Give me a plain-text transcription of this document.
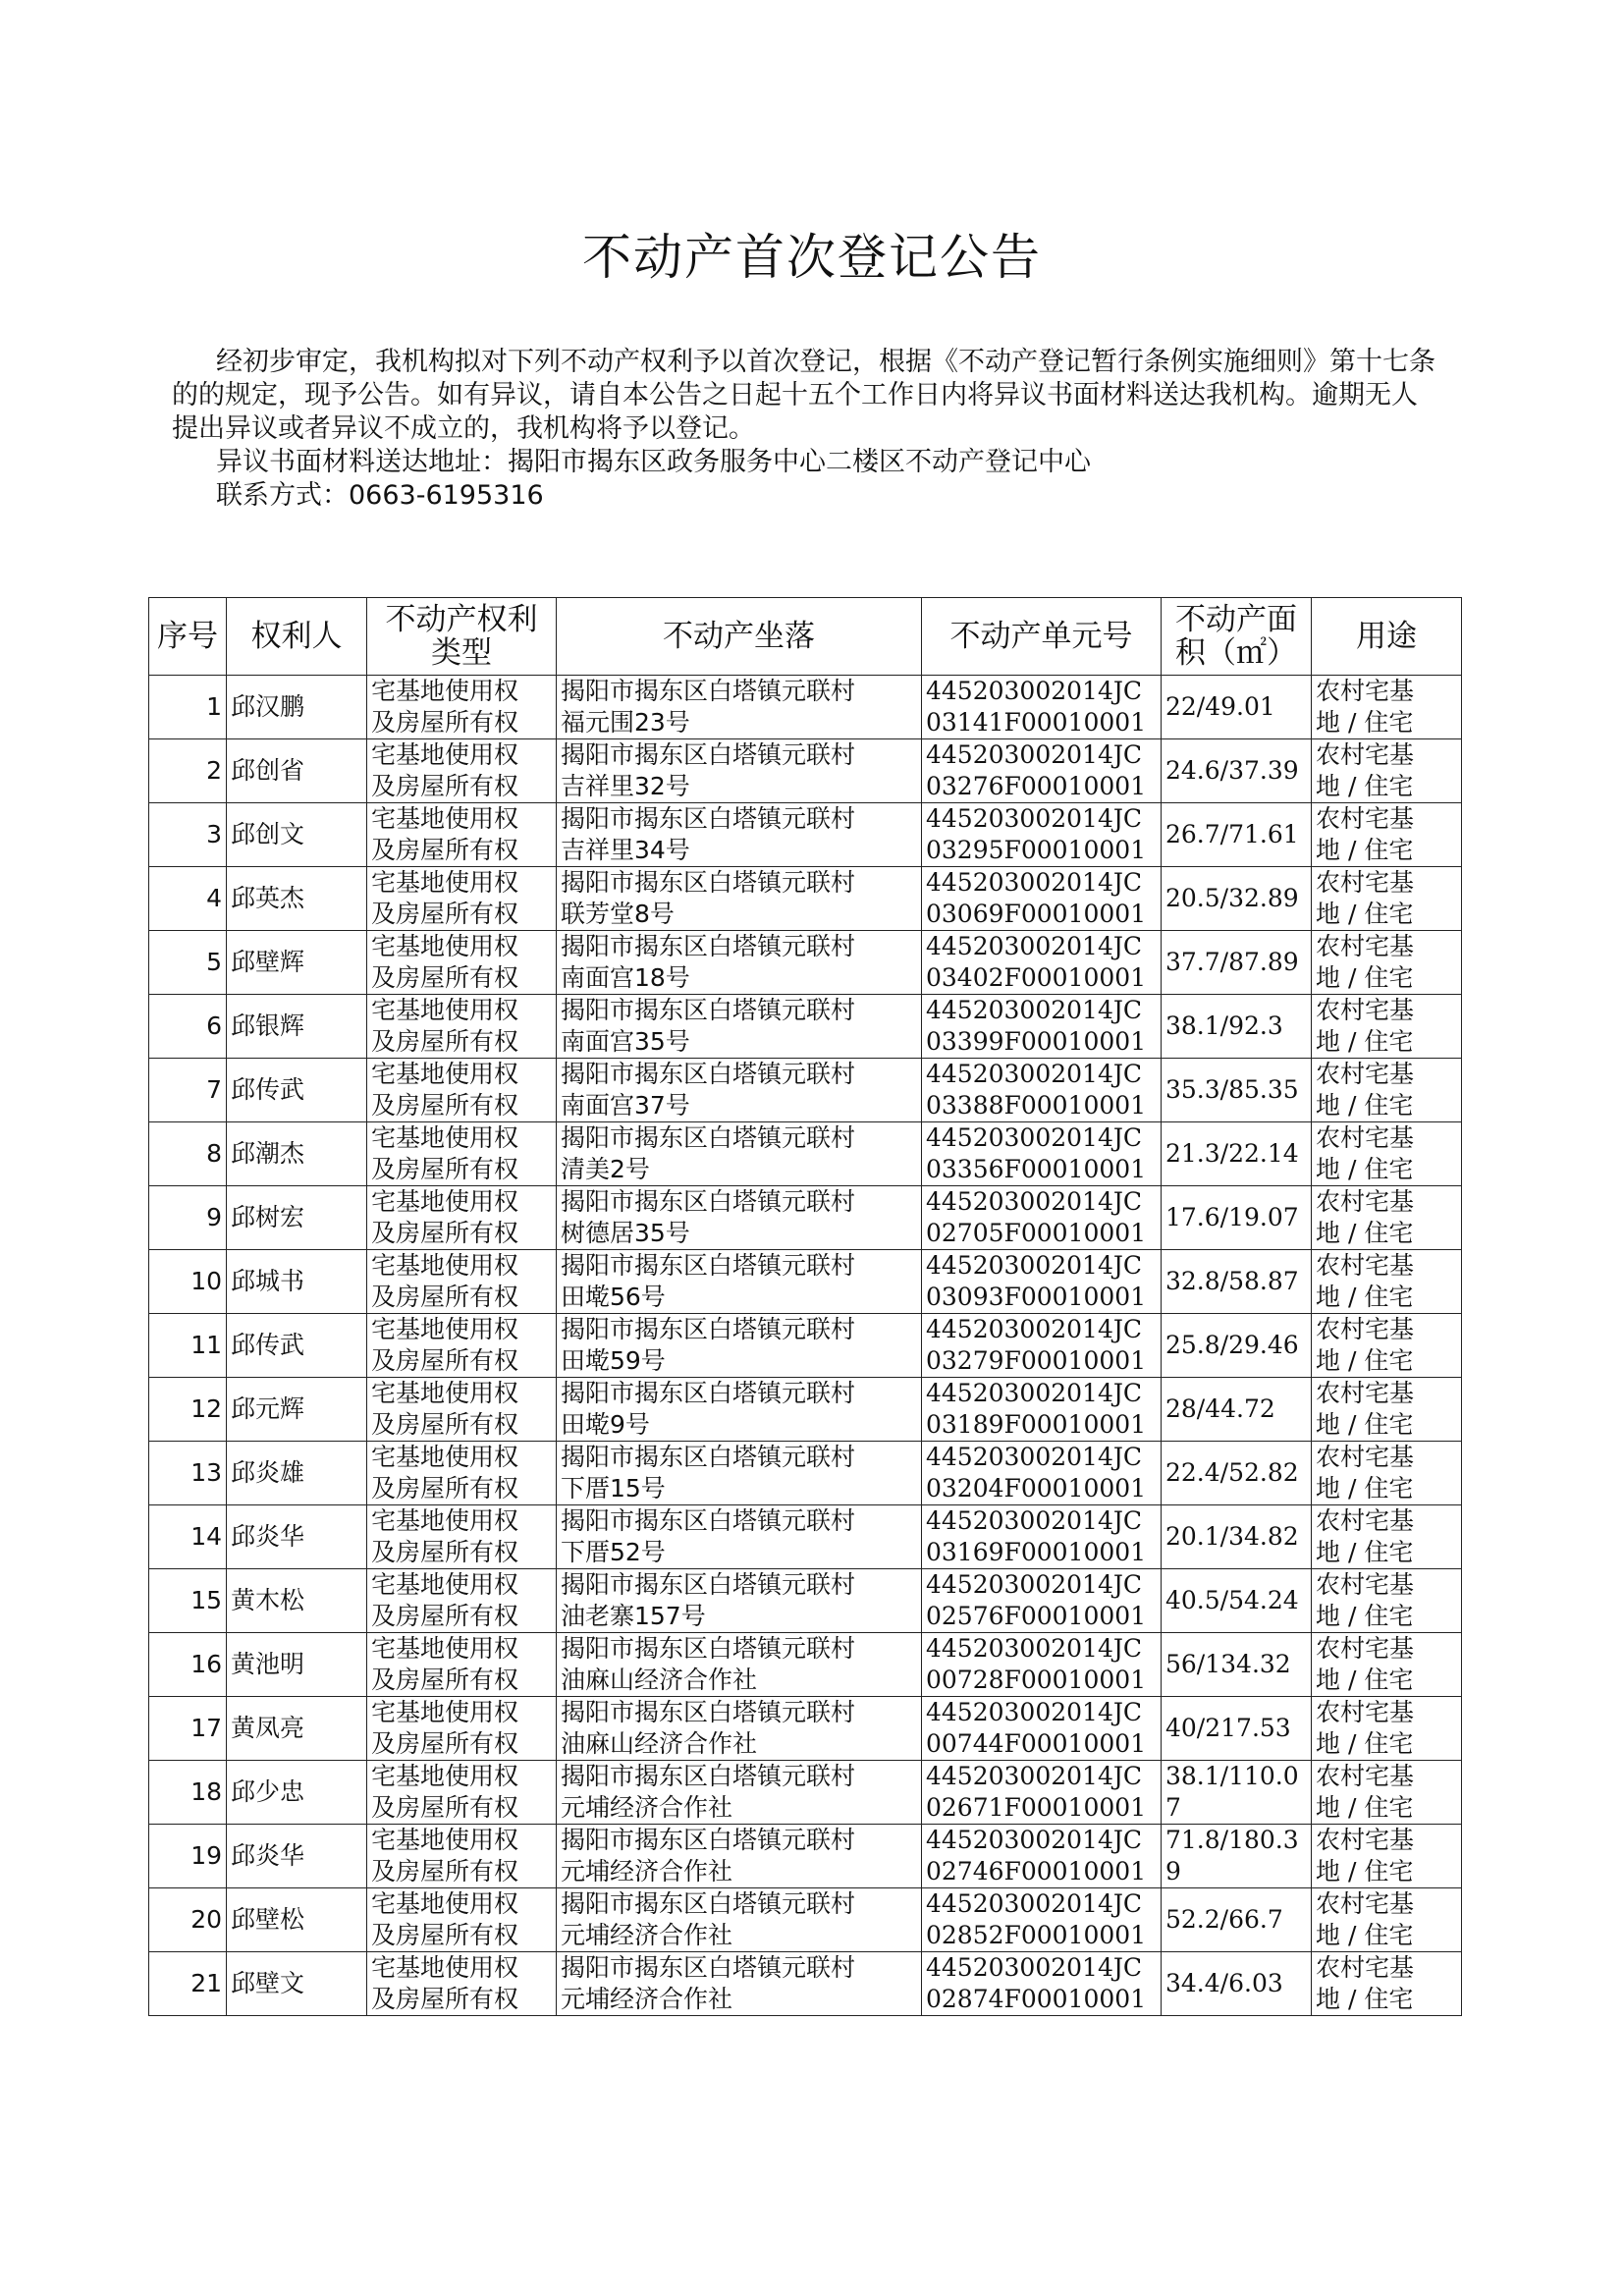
不动产首次登记公告

经初步审定，我机构拟对下列不动产权利予以首次登记，根据《不动产登记暂行条例实施细则》第十七条的的规定，现予公告。如有异议，请自本公告之日起十五个工作日内将异议书面材料送达我机构。逾期无人提出异议或者异议不成立的，我机构将予以登记。

异议书面材料送达地址：揭阳市揭东区政务服务中心二楼区不动产登记中心

联系方式：0663-6195316

序号	权利人	不动产权利类型	不动产坐落	不动产单元号	不动产面积（㎡）	用途
1	邱汉鹏	宅基地使用权
及房屋所有权	揭阳市揭东区白塔镇元联村
福元围23号	445203002014JC03141F00010001	22/49.01	农村宅基
地 / 住宅

2	邱创省	宅基地使用权
及房屋所有权	揭阳市揭东区白塔镇元联村
吉祥里32号	445203002014JC03276F00010001	24.6/37.39	农村宅基
地 / 住宅

3	邱创文	宅基地使用权
及房屋所有权	揭阳市揭东区白塔镇元联村
吉祥里34号	445203002014JC03295F00010001	26.7/71.61	农村宅基
地 / 住宅

4	邱英杰	宅基地使用权
及房屋所有权	揭阳市揭东区白塔镇元联村
联芳堂8号	445203002014JC03069F00010001	20.5/32.89	农村宅基
地 / 住宅

5	邱壁辉	宅基地使用权
及房屋所有权	揭阳市揭东区白塔镇元联村
南面宫18号	445203002014JC03402F00010001	37.7/87.89	农村宅基
地 / 住宅

6	邱银辉	宅基地使用权
及房屋所有权	揭阳市揭东区白塔镇元联村
南面宫35号	445203002014JC03399F00010001	38.1/92.3	农村宅基
地 / 住宅

7	邱传武	宅基地使用权
及房屋所有权	揭阳市揭东区白塔镇元联村
南面宫37号	445203002014JC03388F00010001	35.3/85.35	农村宅基
地 / 住宅

8	邱潮杰	宅基地使用权
及房屋所有权	揭阳市揭东区白塔镇元联村
清美2号	445203002014JC03356F00010001	21.3/22.14	农村宅基
地 / 住宅

9	邱树宏	宅基地使用权
及房屋所有权	揭阳市揭东区白塔镇元联村
树德居35号	445203002014JC02705F00010001	17.6/19.07	农村宅基
地 / 住宅

10	邱城书	宅基地使用权
及房屋所有权	揭阳市揭东区白塔镇元联村
田墘56号	445203002014JC03093F00010001	32.8/58.87	农村宅基
地 / 住宅

11	邱传武	宅基地使用权
及房屋所有权	揭阳市揭东区白塔镇元联村
田墘59号	445203002014JC03279F00010001	25.8/29.46	农村宅基
地 / 住宅

12	邱元辉	宅基地使用权
及房屋所有权	揭阳市揭东区白塔镇元联村
田墘9号	445203002014JC03189F00010001	28/44.72	农村宅基
地 / 住宅

13	邱炎雄	宅基地使用权
及房屋所有权	揭阳市揭东区白塔镇元联村
下厝15号	445203002014JC03204F00010001	22.4/52.82	农村宅基
地 / 住宅

14	邱炎华	宅基地使用权
及房屋所有权	揭阳市揭东区白塔镇元联村
下厝52号	445203002014JC03169F00010001	20.1/34.82	农村宅基
地 / 住宅

15	黄木松	宅基地使用权
及房屋所有权	揭阳市揭东区白塔镇元联村
油老寨157号	445203002014JC02576F00010001	40.5/54.24	农村宅基
地 / 住宅

16	黄池明	宅基地使用权
及房屋所有权	揭阳市揭东区白塔镇元联村
油麻山经济合作社	445203002014JC00728F00010001	56/134.32	农村宅基
地 / 住宅

17	黄凤亮	宅基地使用权
及房屋所有权	揭阳市揭东区白塔镇元联村
油麻山经济合作社	445203002014JC00744F00010001	40/217.53	农村宅基
地 / 住宅

18	邱少忠	宅基地使用权
及房屋所有权	揭阳市揭东区白塔镇元联村
元埔经济合作社	445203002014JC02671F00010001	38.1/110.07	农村宅基
地 / 住宅

19	邱炎华	宅基地使用权
及房屋所有权	揭阳市揭东区白塔镇元联村
元埔经济合作社	445203002014JC02746F00010001	71.8/180.39	农村宅基
地 / 住宅

20	邱壁松	宅基地使用权
及房屋所有权	揭阳市揭东区白塔镇元联村
元埔经济合作社	445203002014JC02852F00010001	52.2/66.7	农村宅基
地 / 住宅

21	邱壁文	宅基地使用权
及房屋所有权	揭阳市揭东区白塔镇元联村
元埔经济合作社	445203002014JC02874F00010001	34.4/6.03	农村宅基
地 / 住宅
